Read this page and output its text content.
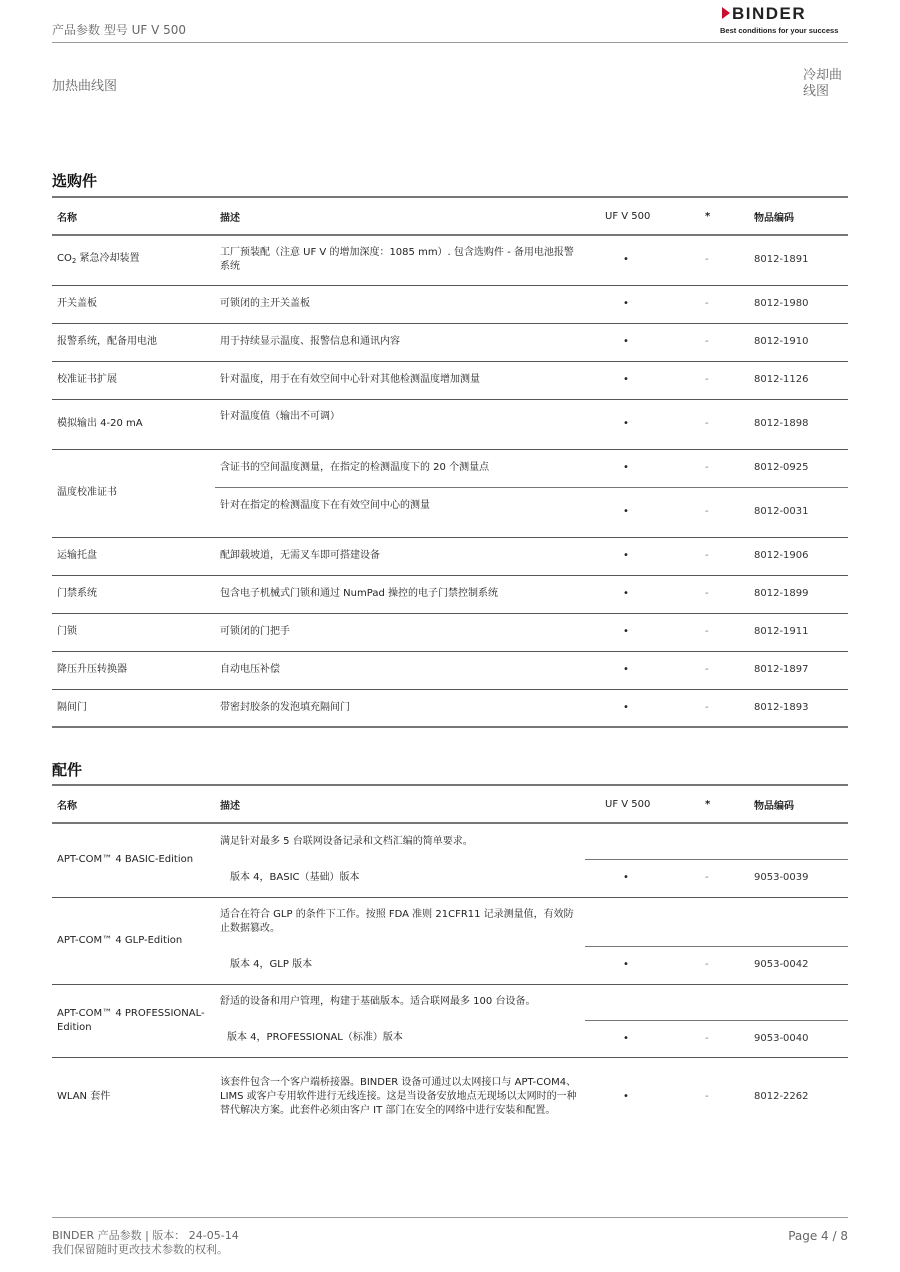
产品参数 型号 UF V 500
BINDER
Best conditions for your success
加热曲线图
冷却曲线图
选购件
名称	描述	UF V 500	*	物品编码
$CO_2$ 紧急冷却装置	工厂预装配（注意 UF V 的增加深度：1085 mm）. 包含选购件 - 备用电池报警系统	•	-	8012-1891
开关盖板	可锁闭的主开关盖板	•	-	8012-1980
报警系统，配备用电池	用于持续显示温度、报警信息和通讯内容	•	-	8012-1910
校准证书扩展	针对温度，用于在有效空间中心针对其他检测温度增加测量	•	-	8012-1126
模拟输出 4-20 mA	针对温度值（输出不可调）	•	-	8012-1898
温度校准证书	含证书的空间温度测量，在指定的检测温度下的 20 个测量点	•	-	8012-0925
	针对在指定的检测温度下在有效空间中心的测量	•	-	8012-0031
运输托盘	配卸载坡道，无需叉车即可搭建设备	•	-	8012-1906
门禁系统	包含电子机械式门锁和通过 NumPad 操控的电子门禁控制系统	•	-	8012-1899
门锁	可锁闭的门把手	•	-	8012-1911
降压升压转换器	自动电压补偿	•	-	8012-1897
隔间门	带密封胶条的发泡填充隔间门	•	-	8012-1893
配件
名称	描述	UF V 500	*	物品编码
APT-COM™ 4 BASIC-Edition	满足针对最多 5 台联网设备记录和文档汇编的简单要求。			
	版本 4，BASIC（基础）版本	•	-	9053-0039
APT-COM™ 4 GLP-Edition	适合在符合 GLP 的条件下工作。按照 FDA 准则 21CFR11 记录测量值，有效防止数据篡改。			
	版本 4，GLP 版本	•	-	9053-0042
APT-COM™ 4 PROFESSIONAL-Edition	舒适的设备和用户管理，构建于基础版本。适合联网最多 100 台设备。			
	版本 4，PROFESSIONAL（标准）版本	•	-	9053-0040
WLAN 套件	该套件包含一个客户端桥接器。BINDER 设备可通过以太网接口与 APT-COM4、LIMS 或客户专用软件进行无线连接。这是当设备安放地点无现场以太网时的一种替代解决方案。此套件必须由客户 IT 部门在安全的网络中进行安装和配置。	•	-	8012-2262
BINDER 产品参数 | 版本： 24-05-14
我们保留随时更改技术参数的权利。
Page 4 / 8
